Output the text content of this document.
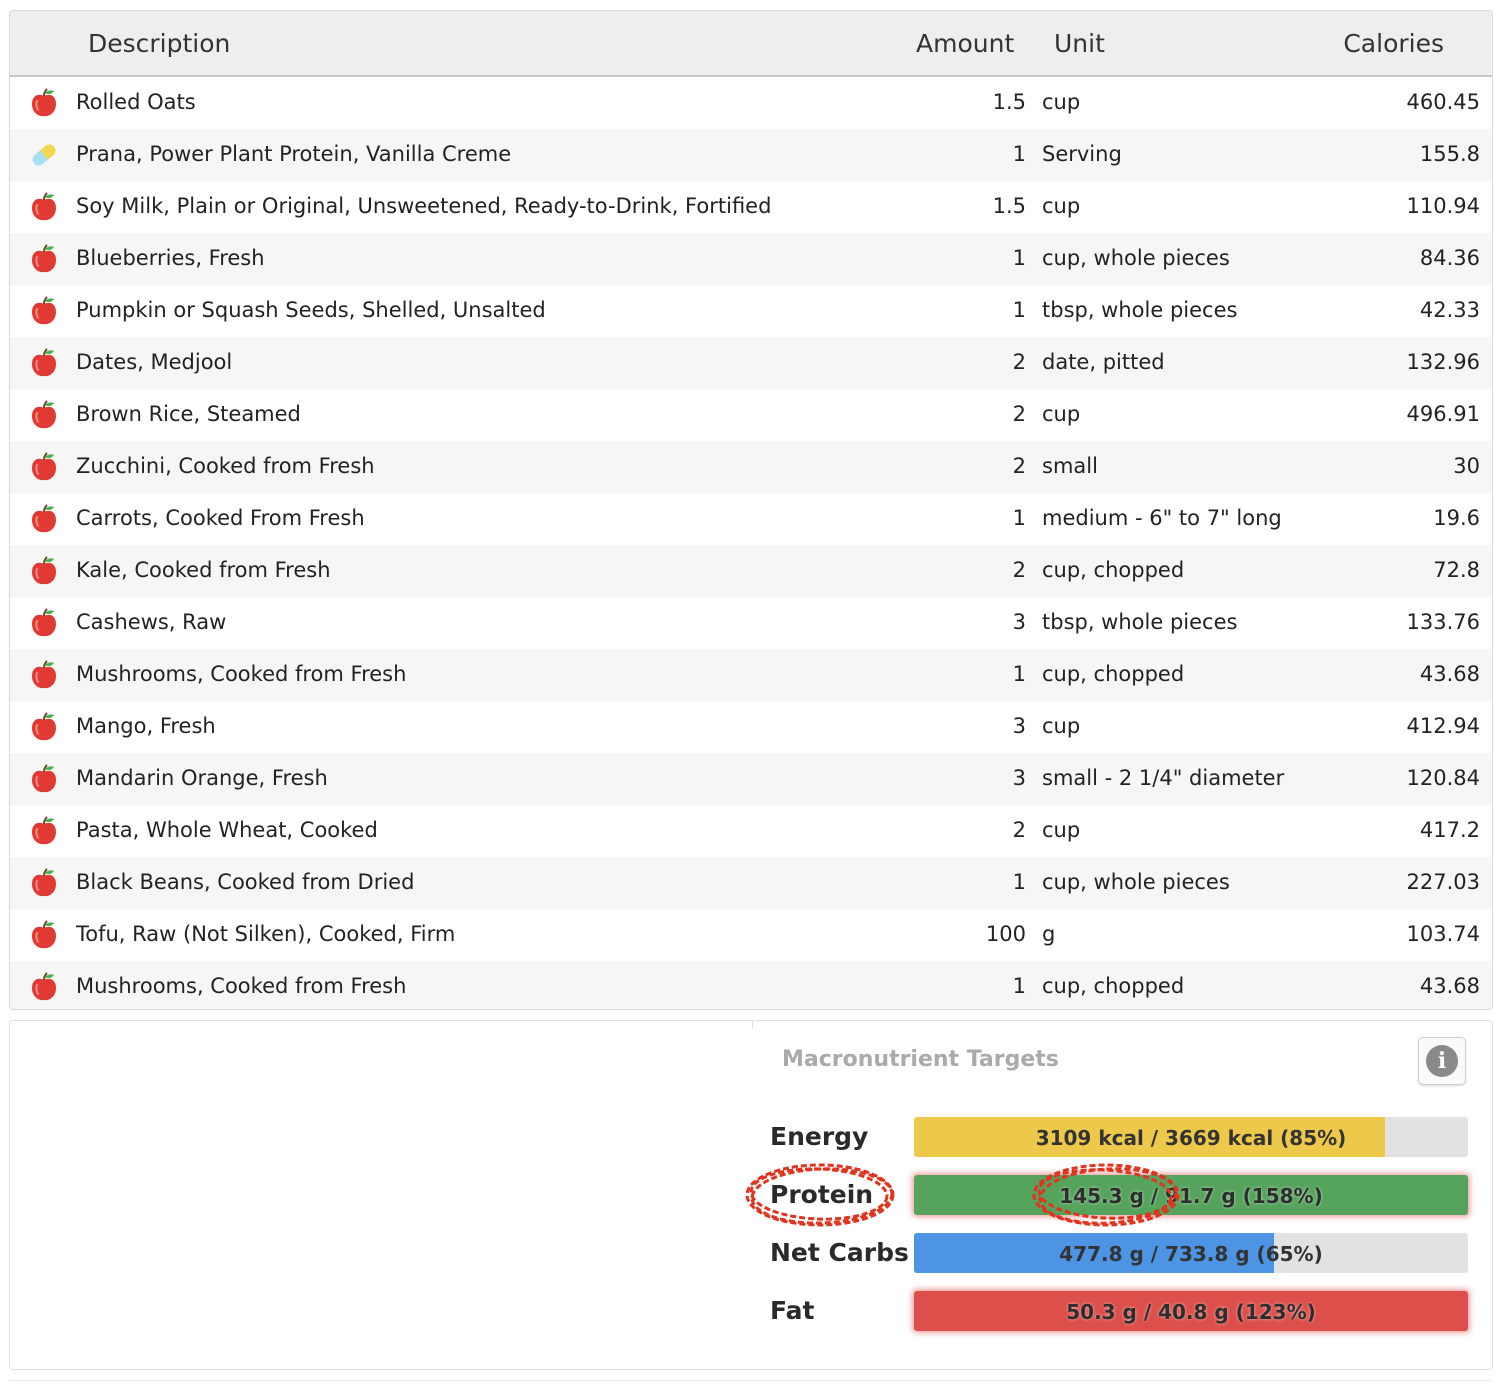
Description	Amount Unit	Calories
Rolled Oats	1.5 cup	460.45
Prana, Power Plant Protein, Vanilla Creme	1 Serving	155.8
Soy Milk, Plain or Original, Unsweetened, Ready-to-Drink, Fortified	1.5 cup	110.94
Blueberries, Fresh	1 cup, whole pieces	84.36
Pumpkin or Squash Seeds, Shelled, Unsalted	1 tbsp, whole pieces	42.33
Dates, Medjool	2 date, pitted	132.96
Brown Rice, Steamed	2 cup	496.91
Zucchini, Cooked from Fresh	2 small	30
Carrots, Cooked From Fresh	1 medium - 6" to 7" long	19.6
Kale, Cooked from Fresh	2 cup, chopped	72.8
Cashews, Raw	3 tbsp, whole pieces	133.76
Mushrooms, Cooked from Fresh	1 cup, chopped	43.68
Mango, Fresh	3 cup	412.94
Mandarin Orange, Fresh	3 small - 2 1/4" diameter	120.84
Pasta, Whole Wheat, Cooked	2 cup	417.2
Black Beans, Cooked from Dried	1 cup, whole pieces	227.03
Tofu, Raw (Not Silken), Cooked, Firm	100 g	103.74
Mushrooms, Cooked from Fresh	1 cup, chopped	43.68
Macronutrient Targets	i
Energy	3109 kcal / 3669 kcal (85%)
Protein	145.3 g / 91.7 g (158%)
Net Carbs	477.8 g / 733.8 g (65%)
Fat	50.3 g / 40.8 g (123%)
